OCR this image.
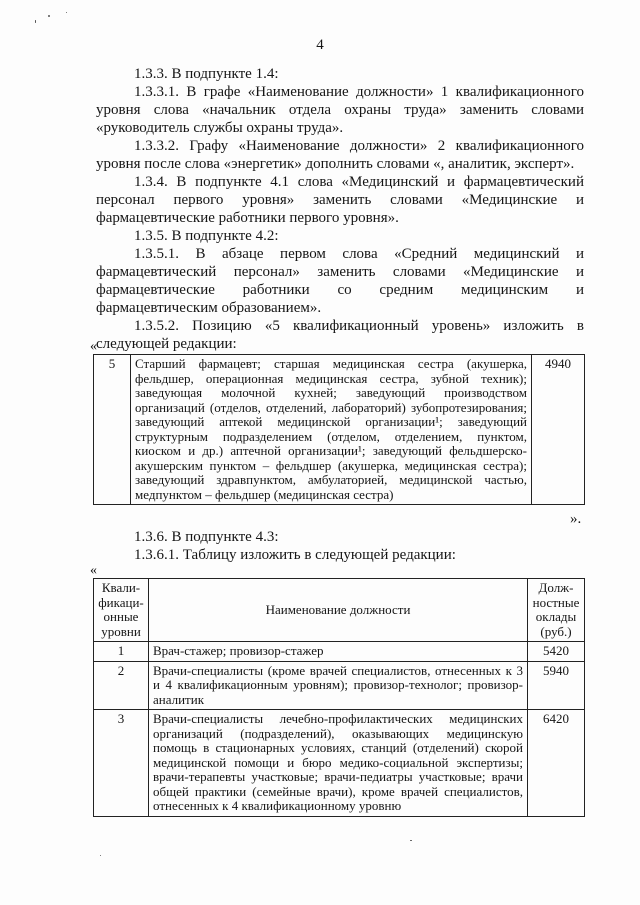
4
1.3.3. В подпункте 1.4:
1.3.3.1. В графе «Наименование должности» 1 квалификационного уровня слова «начальник отдела охраны труда» заменить словами «руководитель службы охраны труда».
1.3.3.2. Графу «Наименование должности» 2 квалификационного уровня после слова «энергетик» дополнить словами «, аналитик, эксперт».
1.3.4. В подпункте 4.1 слова «Медицинский и фармацевтический персонал первого уровня» заменить словами «Медицинские и фармацевтические работники первого уровня».
1.3.5. В подпункте 4.2:
1.3.5.1. В абзаце первом слова «Средний медицинский и фармацевтический персонал» заменить словами «Медицинские и фармацевтические работники со средним медицинским и фармацевтическим образованием».
1.3.5.2. Позицию «5 квалификационный уровень» изложить в следующей редакции:
«
5	Старший фармацевт; старшая медицинская сестра (акушерка, фельдшер, операционная медицинская сестра, зубной техник); заведующая молочной кухней; заведующий производством организаций (отделов, отделений, лабораторий) зубопротезирования; заведующий аптекой медицинской организации¹; заведующий структурным подразделением (отделом, отделением, пунктом, киоском и др.) аптечной организации¹; заведующий фельдшерско-акушерским пунктом – фельдшер (акушерка, медицинская сестра); заведующий здравпунктом, амбулаторией, медицинской частью, медпунктом – фельдшер (медицинская сестра)	4940
».
1.3.6. В подпункте 4.3:
1.3.6.1. Таблицу изложить в следующей редакции:
«
Квали-фикаци-онные уровни	Наименование должности	Долж-ностные оклады (руб.)
1	Врач-стажер; провизор-стажер	5420
2	Врачи-специалисты (кроме врачей специалистов, отнесенных к 3 и 4 квалификационным уровням); провизор-технолог; провизор-аналитик	5940
3	Врачи-специалисты лечебно-профилактических медицинских организаций (подразделений), оказывающих медицинскую помощь в стационарных условиях, станций (отделений) скорой медицинской помощи и бюро медико-социальной экспертизы; врачи-терапевты участковые; врачи-педиатры участковые; врачи общей практики (семейные врачи), кроме врачей специалистов, отнесенных к 4 квалификационному уровню	6420
